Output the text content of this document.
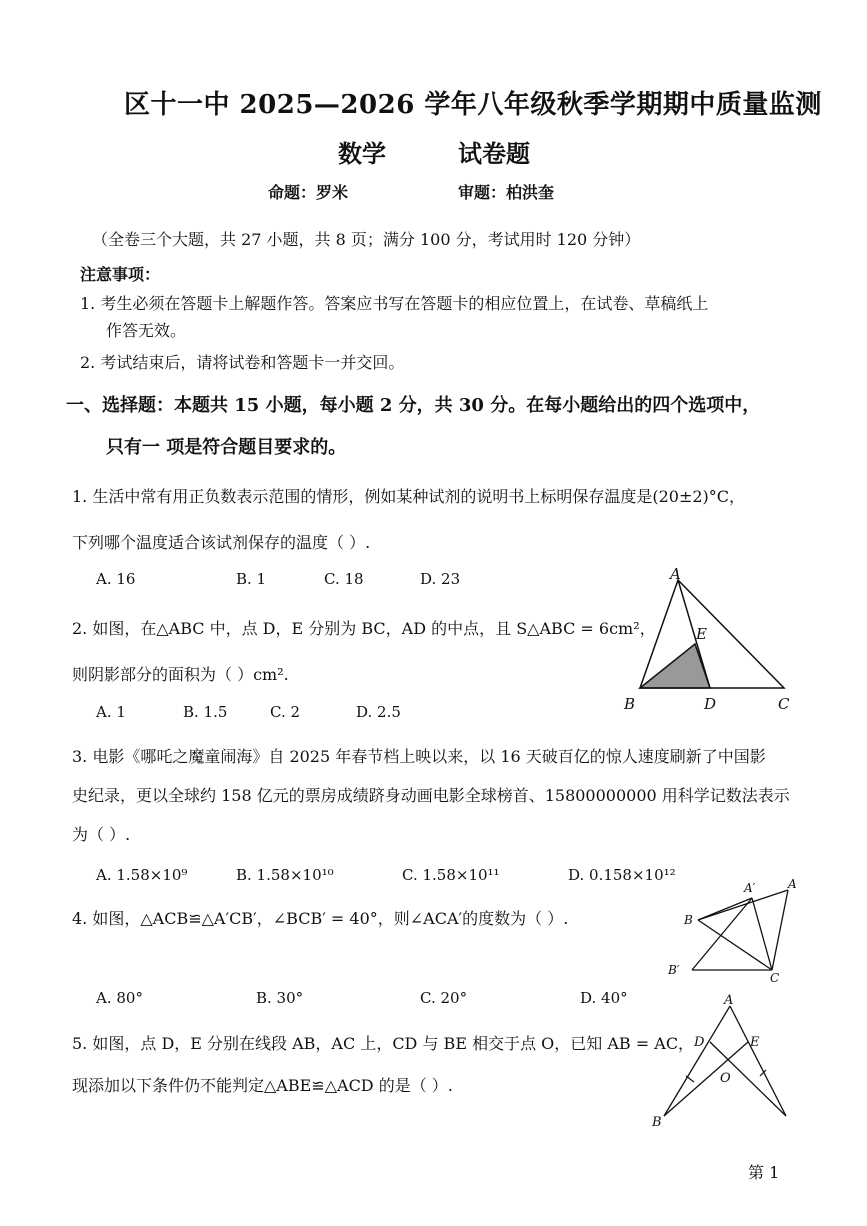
区十一中 2025—2026 学年八年级秋季学期期中质量监测
数学	试卷题
命题：罗米	审题：柏洪奎
（全卷三个大题，共 27 小题，共 8 页；满分 100 分，考试用时 120 分钟）
注意事项：
1. 考生必须在答题卡上解题作答。答案应书写在答题卡的相应位置上，在试卷、草稿纸上
作答无效。
2. 考试结束后，请将试卷和答题卡一并交回。
一、选择题：本题共 15 小题，每小题 2 分，共 30 分。在每小题给出的四个选项中，
只有一 项是符合题目要求的。
1. 生活中常有用正负数表示范围的情形，例如某种试剂的说明书上标明保存温度是(20±2)°C，
下列哪个温度适合该试剂保存的温度（ ）.
A. 16	B. 1	C. 18	D. 23
2. 如图，在△ABC 中，点 D，E 分别为 BC，AD 的中点，且 S△ABC = 6cm²，
则阴影部分的面积为（ ）cm².
A. 1	B. 1.5	C. 2	D. 2.5
A
E
B	D	C
3. 电影《哪吒之魔童闹海》自 2025 年春节档上映以来，以 16 天破百亿的惊人速度刷新了中国影
史纪录，更以全球约 158 亿元的票房成绩跻身动画电影全球榜首、15800000000 用科学记数法表示
为（ ）.
A. 1.58×10⁹	B. 1.58×10¹⁰	C. 1.58×10¹¹	D. 0.158×10¹²
4. 如图，△ACB≌△A′CB′，∠BCB′ = 40°，则∠ACA′的度数为（ ）.
A. 80°	B. 30°	C. 20°	D. 40°
A′	A
B
B′
C
5. 如图，点 D，E 分别在线段 AB，AC 上，CD 与 BE 相交于点 O，已知 AB = AC，
现添加以下条件仍不能判定△ABE≌△ACD 的是（ ）.
A
D	E
O
B
第 1
